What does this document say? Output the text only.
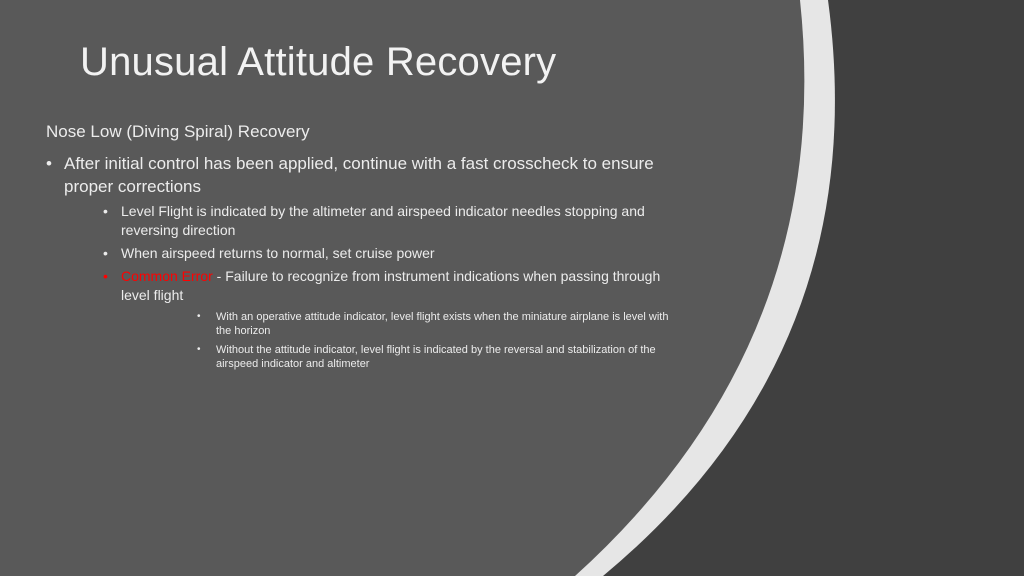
Unusual Attitude Recovery
Nose Low (Diving Spiral) Recovery
• After initial control has been applied, continue with a fast crosscheck to ensure proper corrections
• Level Flight is indicated by the altimeter and airspeed indicator needles stopping and reversing direction
• When airspeed returns to normal, set cruise power
• Common Error - Failure to recognize from instrument indications when passing through level flight
• With an operative attitude indicator, level flight exists when the miniature airplane is level with the horizon
• Without the attitude indicator, level flight is indicated by the reversal and stabilization of the airspeed indicator and altimeter
